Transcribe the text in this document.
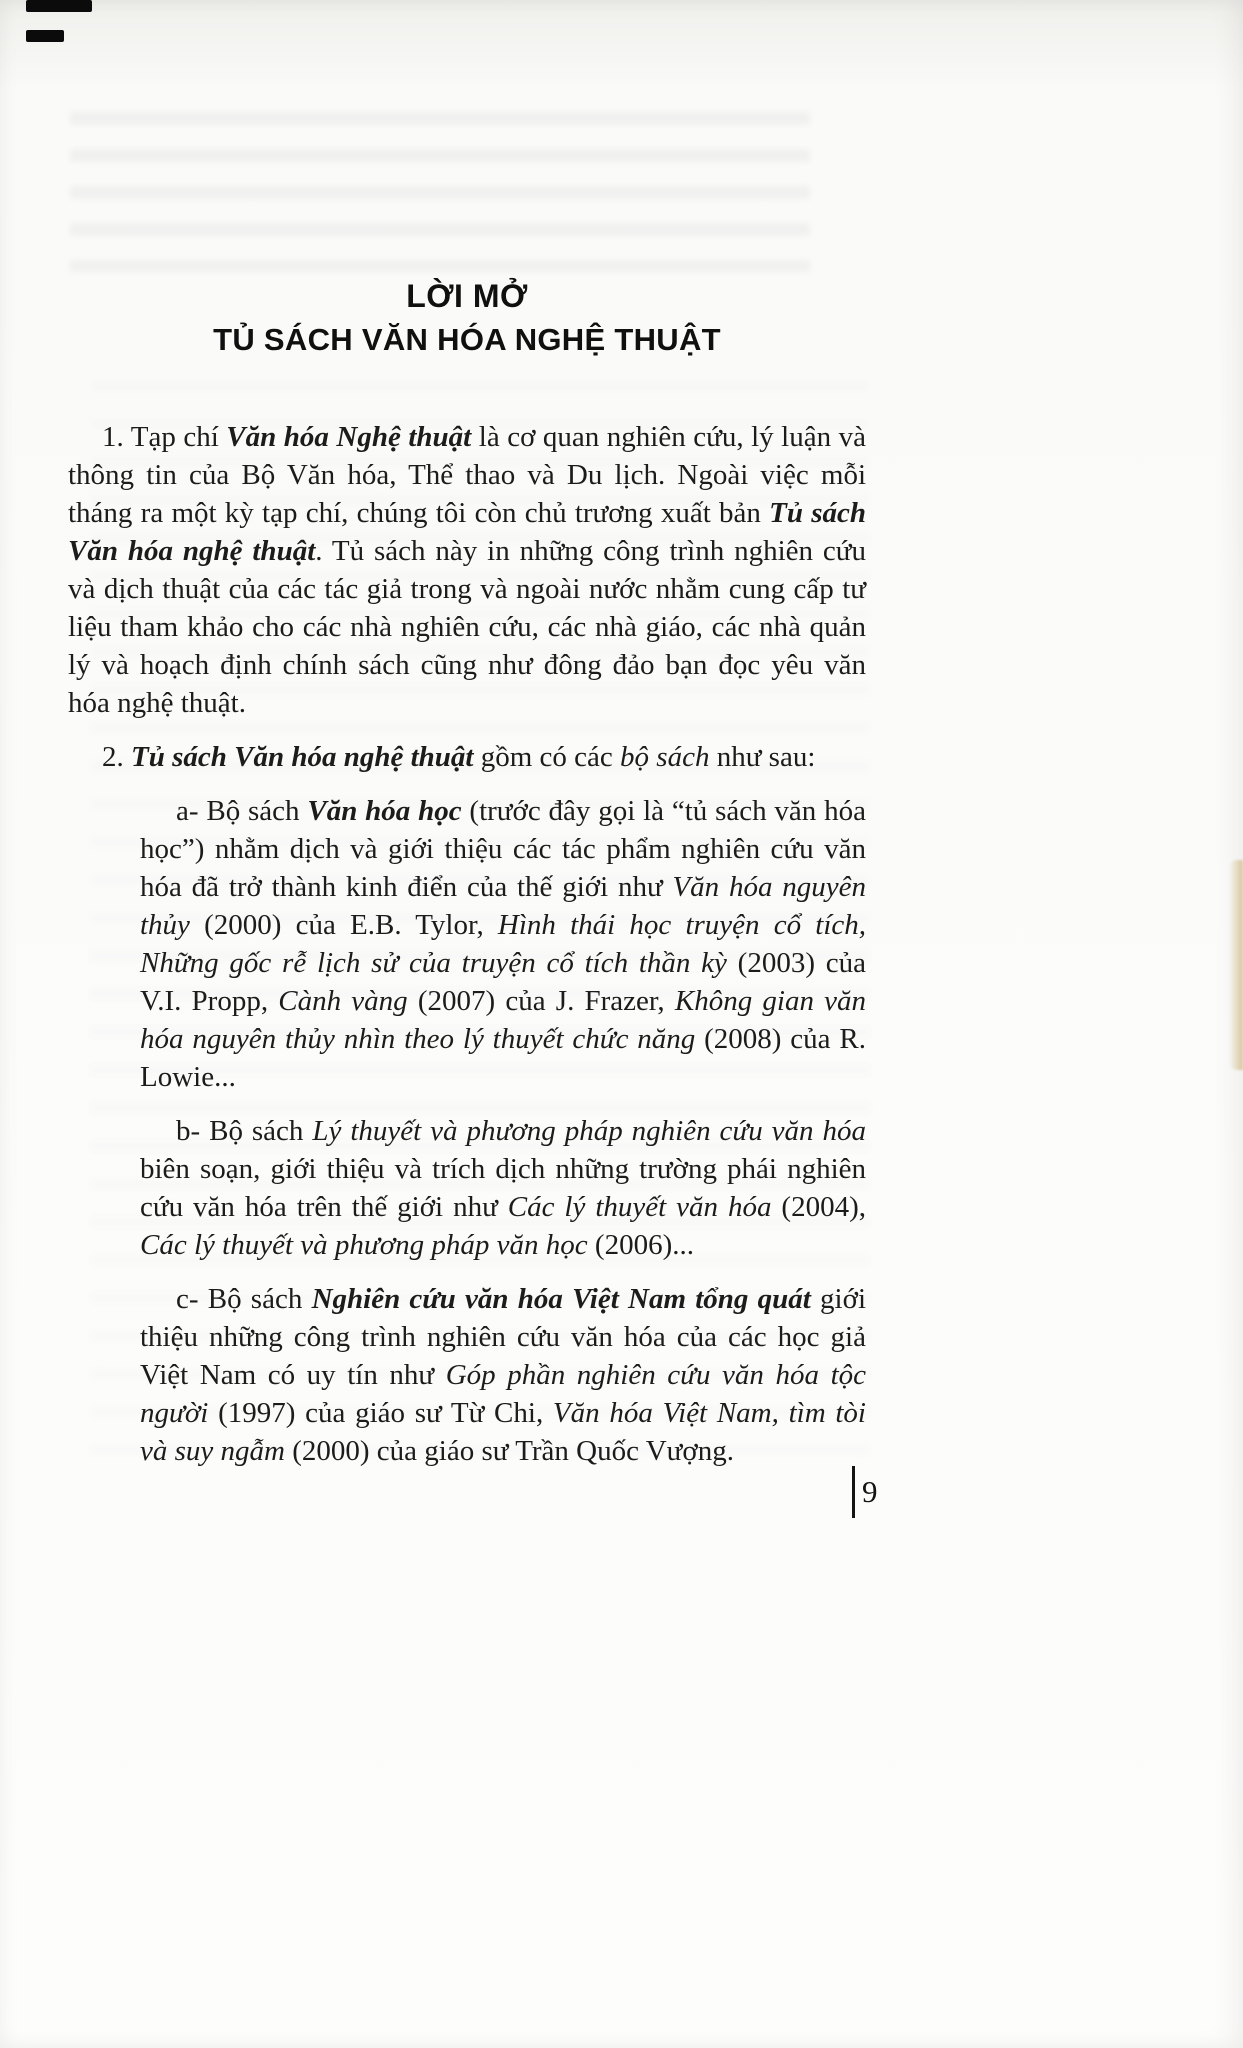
LỜI MỞ
TỦ SÁCH VĂN HÓA NGHỆ THUẬT

1. Tạp chí Văn hóa Nghệ thuật là cơ quan nghiên cứu, lý luận và thông tin của Bộ Văn hóa, Thể thao và Du lịch. Ngoài việc mỗi tháng ra một kỳ tạp chí, chúng tôi còn chủ trương xuất bản Tủ sách Văn hóa nghệ thuật. Tủ sách này in những công trình nghiên cứu và dịch thuật của các tác giả trong và ngoài nước nhằm cung cấp tư liệu tham khảo cho các nhà nghiên cứu, các nhà giáo, các nhà quản lý và hoạch định chính sách cũng như đông đảo bạn đọc yêu văn hóa nghệ thuật.

2. Tủ sách Văn hóa nghệ thuật gồm có các bộ sách như sau:

a- Bộ sách Văn hóa học (trước đây gọi là “tủ sách văn hóa học”) nhằm dịch và giới thiệu các tác phẩm nghiên cứu văn hóa đã trở thành kinh điển của thế giới như Văn hóa nguyên thủy (2000) của E.B. Tylor, Hình thái học truyện cổ tích, Những gốc rễ lịch sử của truyện cổ tích thần kỳ (2003) của V.I. Propp, Cành vàng (2007) của J. Frazer, Không gian văn hóa nguyên thủy nhìn theo lý thuyết chức năng (2008) của R. Lowie...

b- Bộ sách Lý thuyết và phương pháp nghiên cứu văn hóa biên soạn, giới thiệu và trích dịch những trường phái nghiên cứu văn hóa trên thế giới như Các lý thuyết văn hóa (2004), Các lý thuyết và phương pháp văn học (2006)...

c- Bộ sách Nghiên cứu văn hóa Việt Nam tổng quát giới thiệu những công trình nghiên cứu văn hóa của các học giả Việt Nam có uy tín như Góp phần nghiên cứu văn hóa tộc người (1997) của giáo sư Từ Chi, Văn hóa Việt Nam, tìm tòi và suy ngẫm (2000) của giáo sư Trần Quốc Vượng.

9
